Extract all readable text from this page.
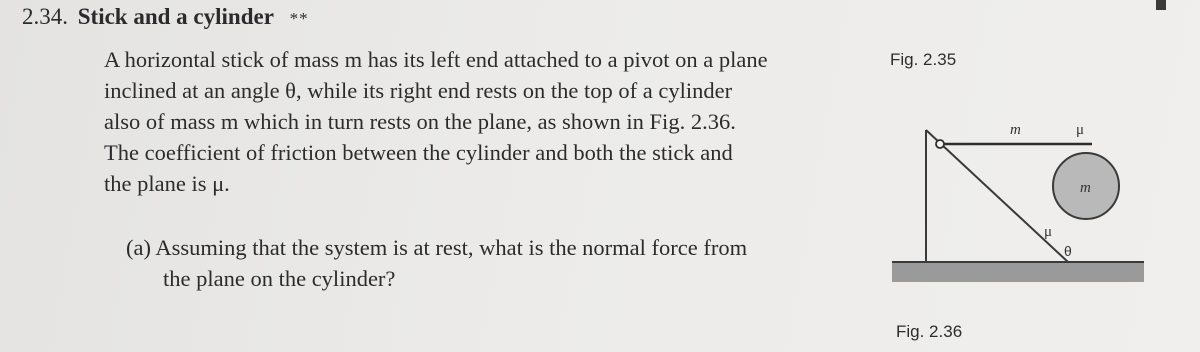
2.34. Stick and a cylinder **
A horizontal stick of mass m has its left end attached to a pivot on a plane
inclined at an angle θ, while its right end rests on the top of a cylinder
also of mass m which in turn rests on the plane, as shown in Fig. 2.36.
The coefficient of friction between the cylinder and both the stick and
the plane is μ.
(a) Assuming that the system is at rest, what is the normal force from
the plane on the cylinder?
Fig. 2.35
m	μ
m
μ
θ
Fig. 2.36
